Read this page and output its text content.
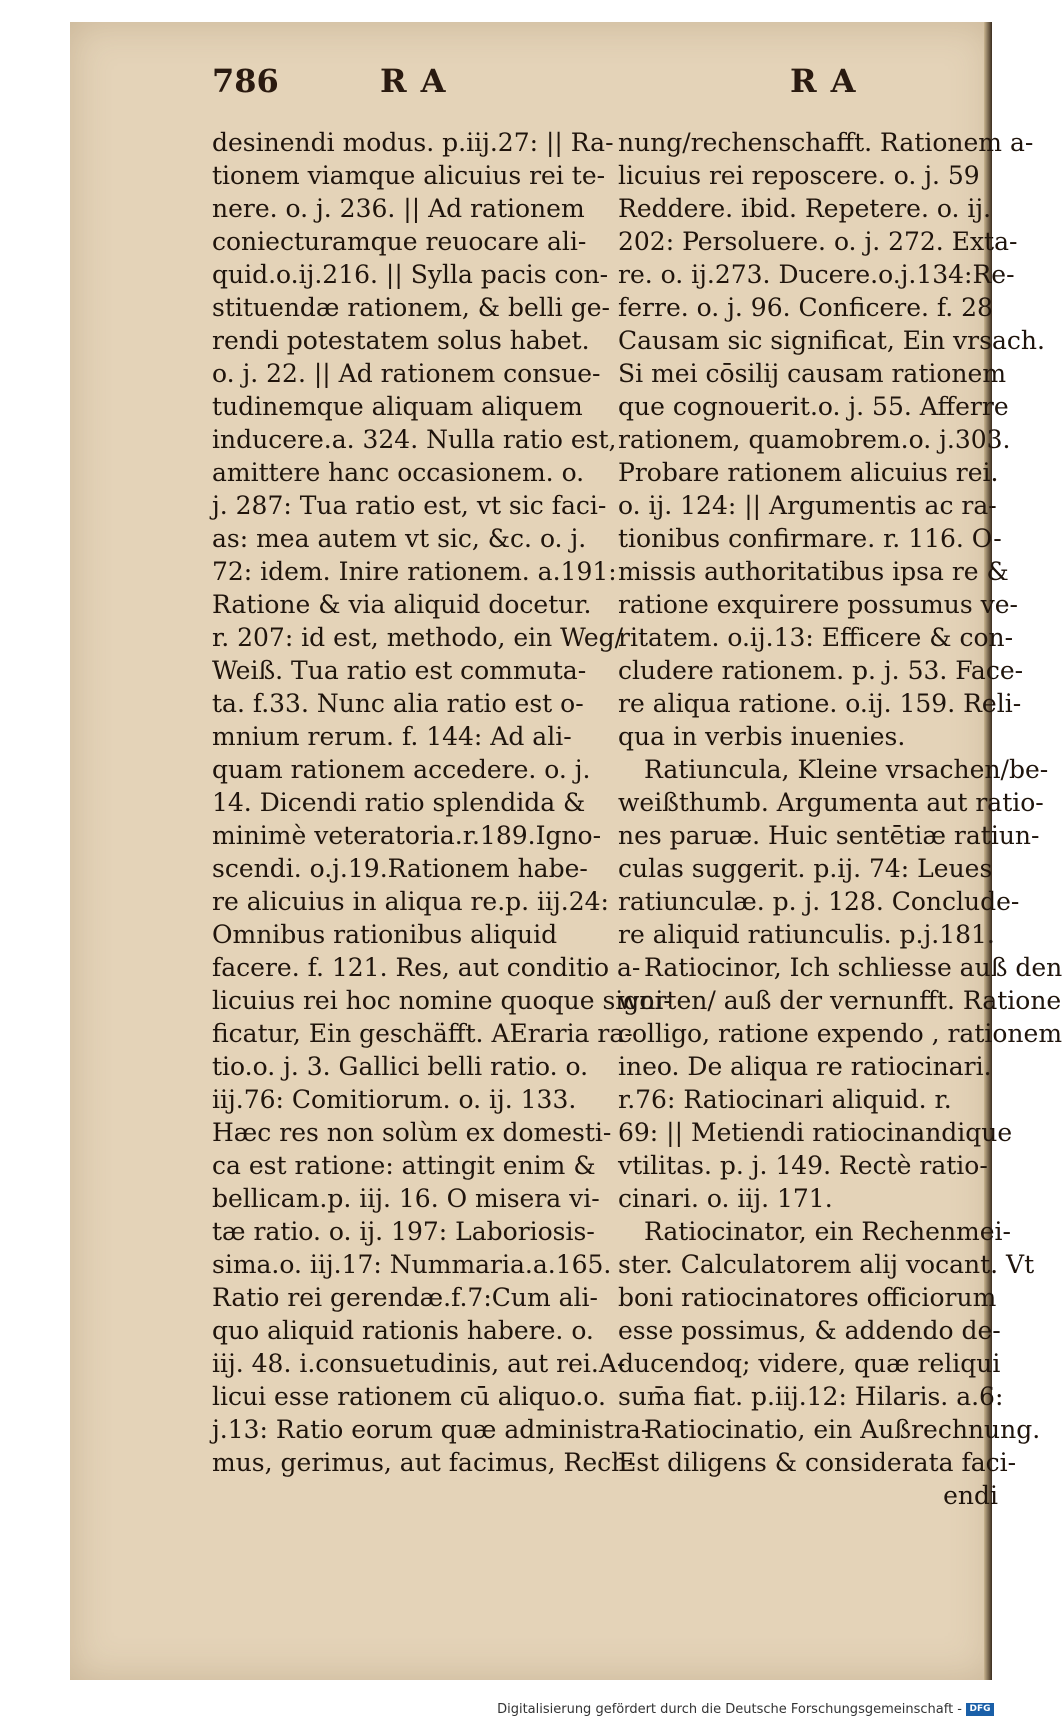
786	RA	RA

desinendi modus. p.iij.27: || Ra-

tionem viamque alicuius rei te-

nere. o. j. 236. || Ad rationem

coniecturamque reuocare ali-

quid.o.ij.216. || Sylla pacis con-

stituendæ rationem, & belli ge-

rendi potestatem solus habet.

o. j. 22. || Ad rationem consue-

tudinemque aliquam aliquem

inducere.a. 324. Nulla ratio est,

amittere hanc occasionem. o.

j. 287: Tua ratio est, vt sic faci-

as: mea autem vt sic, &c. o. j.

72: idem. Inire rationem. a.191:

Ratione & via aliquid docetur.

r. 207: id est, methodo, ein Weg/

Weiß. Tua ratio est commuta-

ta. f.33. Nunc alia ratio est o-

mnium rerum. f. 144: Ad ali-

quam rationem accedere. o. j.

14. Dicendi ratio splendida &

minimè veteratoria.r.189.Igno-

scendi. o.j.19.Rationem habe-

re alicuius in aliqua re.p. iij.24:

Omnibus rationibus aliquid

facere. f. 121. Res, aut conditio a-

licuius rei hoc nomine quoque signi-

ficatur, Ein geschäfft. AEraria ra-

tio.o. j. 3. Gallici belli ratio. o.

iij.76: Comitiorum. o. ij. 133.

Hæc res non solùm ex domesti-

ca est ratione: attingit enim &

bellicam.p. iij. 16. O misera vi-

tæ ratio. o. ij. 197: Laboriosis-

sima.o. iij.17: Nummaria.a.165.

Ratio rei gerendæ.f.7:Cum ali-

quo aliquid rationis habere. o.

iij. 48. i.consuetudinis, aut rei.A-

licui esse rationem cū aliquo.o.

j.13: Ratio eorum quæ administra-

mus, gerimus, aut facimus, Rech-

nung/rechenschafft. Rationem a-

licuius rei reposcere. o. j. 59

Reddere. ibid. Repetere. o. ij.

202: Persoluere. o. j. 272. Exta-

re. o. ij.273. Ducere.o.j.134:Re-

ferre. o. j. 96. Conficere. f. 28

Causam sic significat, Ein vrsach.

Si mei cōsilij causam rationem

que cognouerit.o. j. 55. Afferre

rationem, quamobrem.o. j.303.

Probare rationem alicuius rei.

o. ij. 124: || Argumentis ac ra-

tionibus confirmare. r. 116. O-

missis authoritatibus ipsa re &

ratione exquirere possumus ve-

ritatem. o.ij.13: Efficere & con-

cludere rationem. p. j. 53. Face-

re aliqua ratione. o.ij. 159. Reli-

qua in verbis inuenies.

Ratiuncula, Kleine vrsachen/be-

weißthumb. Argumenta aut ratio-

nes paruæ. Huic sentētiæ ratiun-

culas suggerit. p.ij. 74: Leues

ratiunculæ. p. j. 128. Conclude-

re aliquid ratiunculis. p.j.181.

Ratiocinor, Ich schliesse auß den

worten/ auß der vernunfft. Ratione

colligo, ratione expendo , rationem

ineo. De aliqua re ratiocinari.

r.76: Ratiocinari aliquid. r.

69: || Metiendi ratiocinandique

vtilitas. p. j. 149. Rectè ratio-

cinari. o. iij. 171.

Ratiocinator, ein Rechenmei-

ster. Calculatorem alij vocant. Vt

boni ratiocinatores officiorum

esse possimus, & addendo de-

ducendoq; videre, quæ reliqui

sum̄a fiat. p.iij.12: Hilaris. a.6:

Ratiocinatio, ein Außrechnung.

Est diligens & considerata faci-

endi

Digitalisierung gefördert durch die Deutsche Forschungsgemeinschaft - DFG
